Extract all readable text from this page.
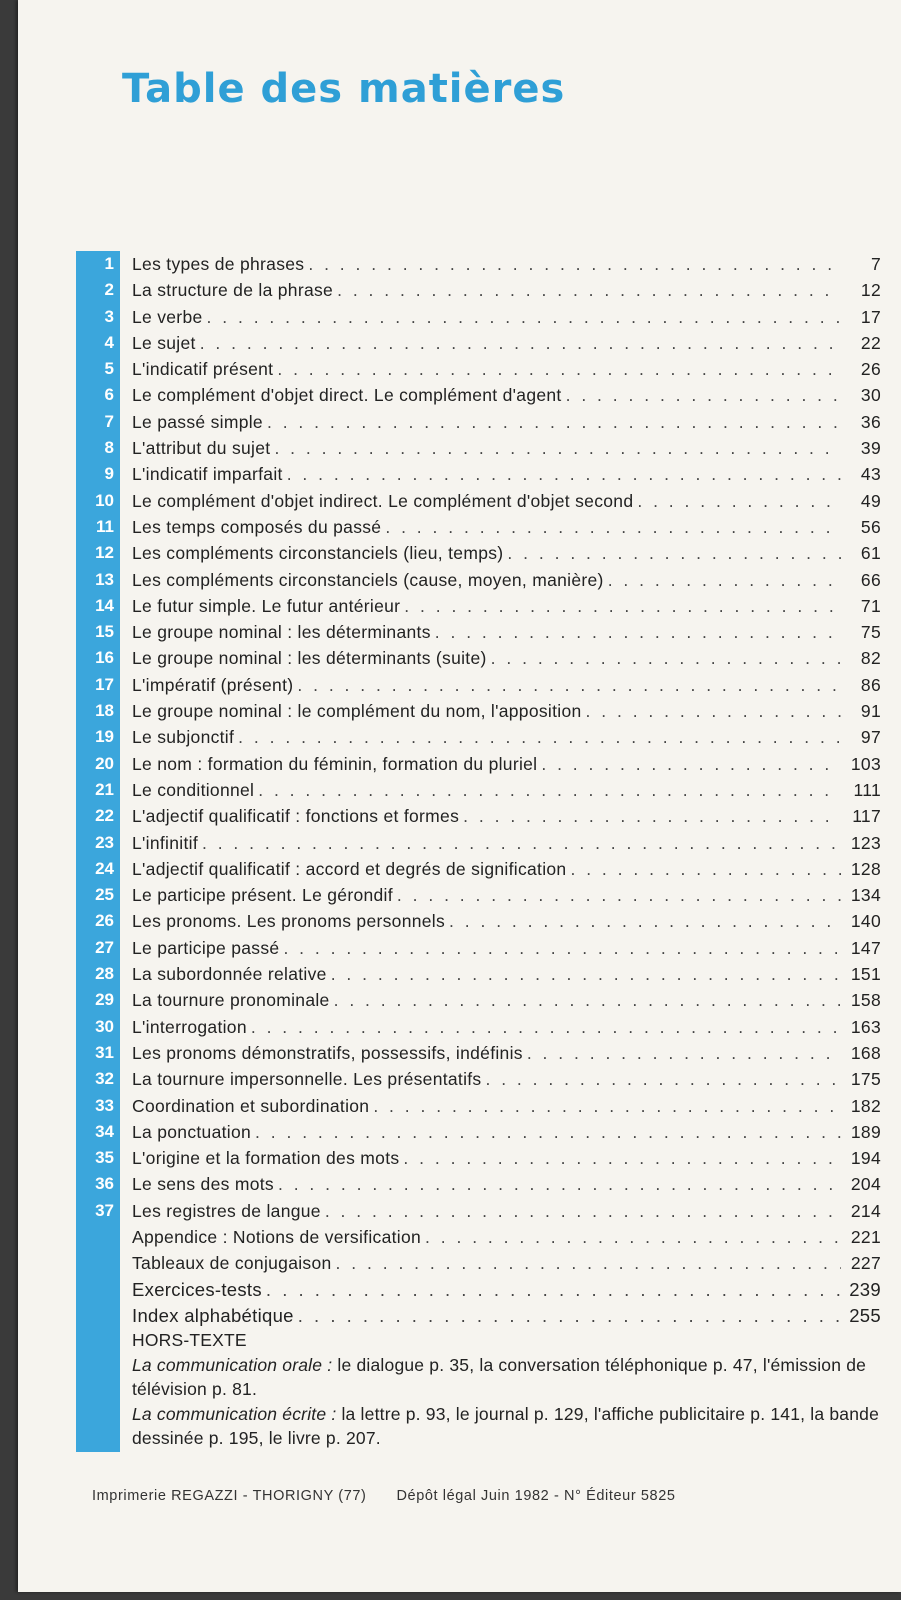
Table des matières
1	Les types de phrases . . .	7
2	La structure de la phrase . . .	12
3	Le verbe . . .	17
4	Le sujet . . .	22
5	L'indicatif présent . . .	26
6	Le complément d'objet direct. Le complément d'agent . . .	30
7	Le passé simple . . .	36
8	L'attribut du sujet . . .	39
9	L'indicatif imparfait . . .	43
10	Le complément d'objet indirect. Le complément d'objet second . . .	49
11	Les temps composés du passé . . .	56
12	Les compléments circonstanciels (lieu, temps) . . .	61
13	Les compléments circonstanciels (cause, moyen, manière) . . .	66
14	Le futur simple. Le futur antérieur . . .	71
15	Le groupe nominal : les déterminants . . .	75
16	Le groupe nominal : les déterminants (suite) . . .	82
17	L'impératif (présent) . . .	86
18	Le groupe nominal : le complément du nom, l'apposition . . .	91
19	Le subjonctif . . .	97
20	Le nom : formation du féminin, formation du pluriel . . .	103
21	Le conditionnel . . .	111
22	L'adjectif qualificatif : fonctions et formes . . .	117
23	L'infinitif . . .	123
24	L'adjectif qualificatif : accord et degrés de signification . . .	128
25	Le participe présent. Le gérondif . . .	134
26	Les pronoms. Les pronoms personnels . . .	140
27	Le participe passé . . .	147
28	La subordonnée relative . . .	151
29	La tournure pronominale . . .	158
30	L'interrogation . . .	163
31	Les pronoms démonstratifs, possessifs, indéfinis . . .	168
32	La tournure impersonnelle. Les présentatifs . . .	175
33	Coordination et subordination . . .	182
34	La ponctuation . . .	189
35	L'origine et la formation des mots . . .	194
36	Le sens des mots . . .	204
37	Les registres de langue . . .	214
Appendice : Notions de versification . . .	221
Tableaux de conjugaison . . .	227
Exercices-tests . . .	239
Index alphabétique . . .	255
HORS-TEXTE
La communication orale : le dialogue p. 35, la conversation téléphonique p. 47, l'émission de télévision p. 81.
La communication écrite : la lettre p. 93, le journal p. 129, l'affiche publicitaire p. 141, la bande dessinée p. 195, le livre p. 207.
Imprimerie REGAZZI - THORIGNY (77) Dépôt légal Juin 1982 - N° Éditeur 5825
